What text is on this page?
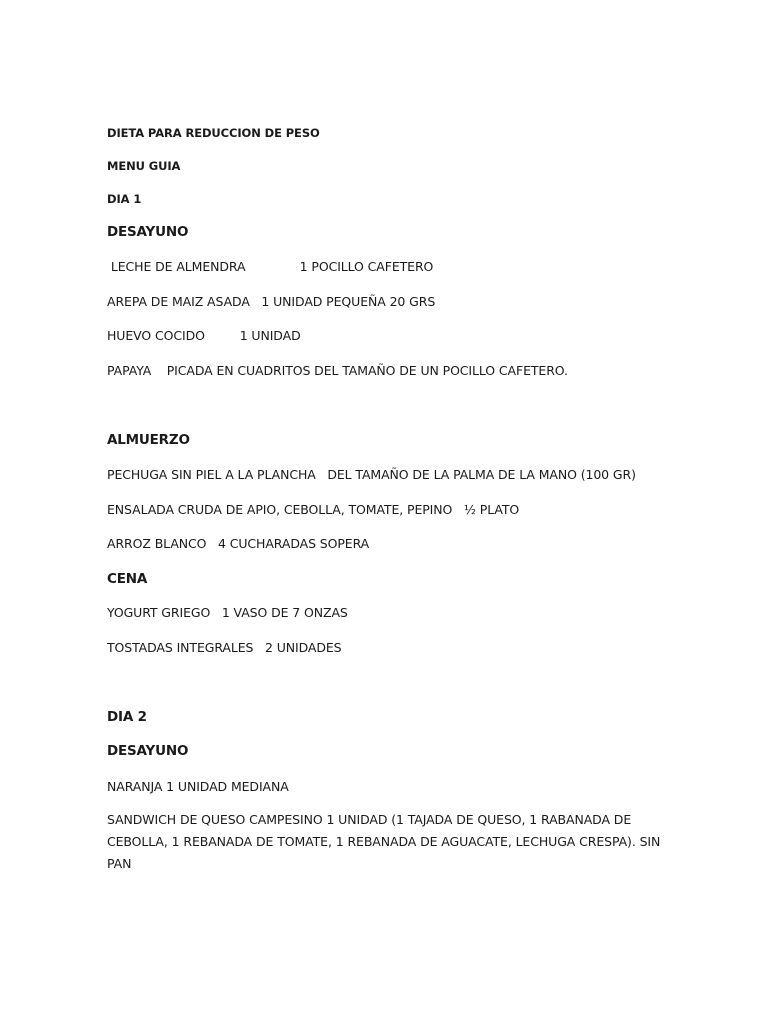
DIETA PARA REDUCCION DE PESO

MENU GUIA

DIA 1

DESAYUNO

LECHE DE ALMENDRA              1 POCILLO CAFETERO

AREPA DE MAIZ ASADA   1 UNIDAD PEQUEÑA 20 GRS

HUEVO COCIDO         1 UNIDAD

PAPAYA    PICADA EN CUADRITOS DEL TAMAÑO DE UN POCILLO CAFETERO.

ALMUERZO

PECHUGA SIN PIEL A LA PLANCHA   DEL TAMAÑO DE LA PALMA DE LA MANO (100 GR)

ENSALADA CRUDA DE APIO, CEBOLLA, TOMATE, PEPINO   ½ PLATO

ARROZ BLANCO   4 CUCHARADAS SOPERA

CENA

YOGURT GRIEGO   1 VASO DE 7 ONZAS

TOSTADAS INTEGRALES   2 UNIDADES

DIA 2

DESAYUNO

NARANJA 1 UNIDAD MEDIANA

SANDWICH DE QUESO CAMPESINO 1 UNIDAD (1 TAJADA DE QUESO, 1 RABANADA DE CEBOLLA, 1 REBANADA DE TOMATE, 1 REBANADA DE AGUACATE, LECHUGA CRESPA). SIN PAN
